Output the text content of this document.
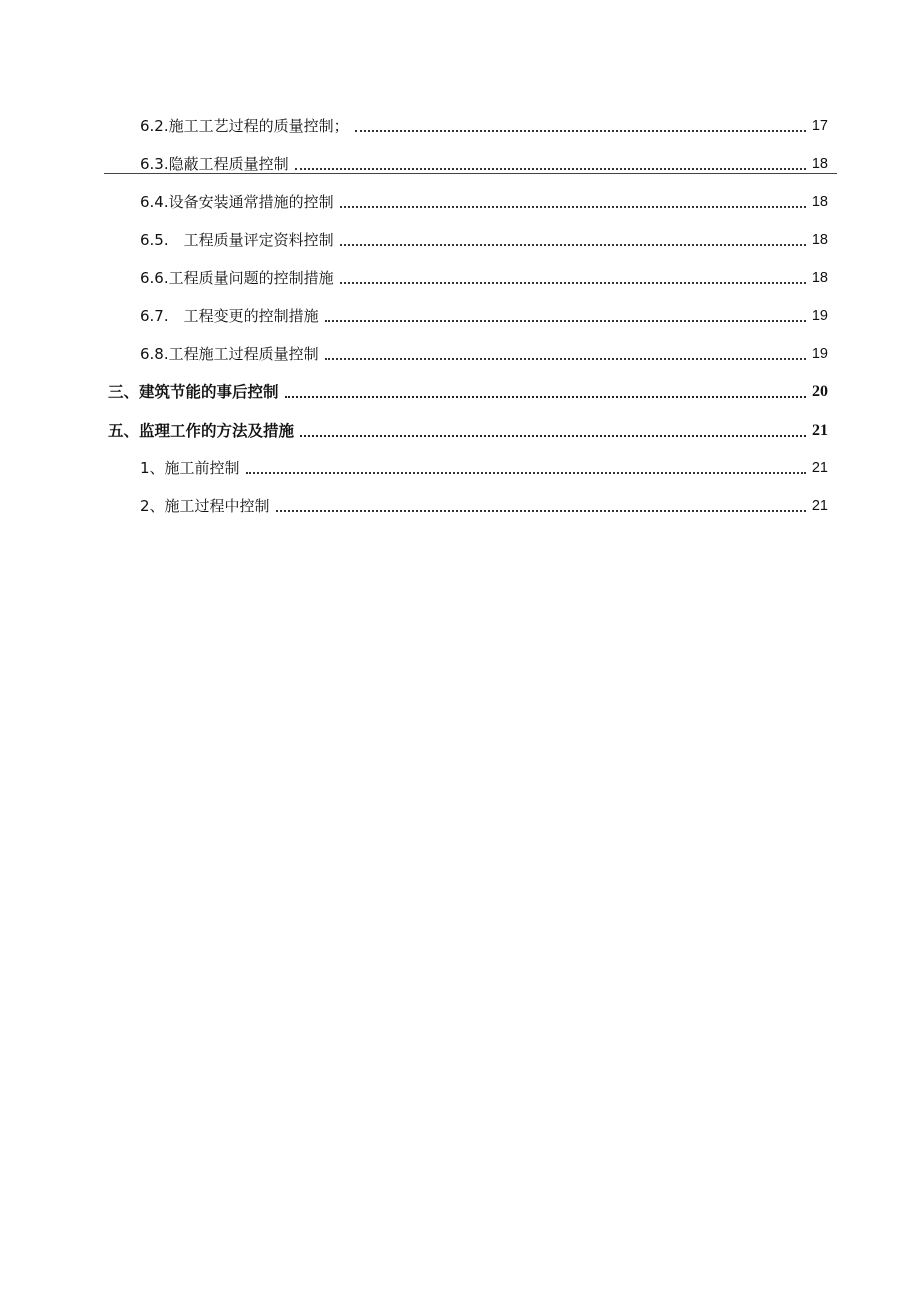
6.2.施工工艺过程的质量控制；	17
6.3.隐蔽工程质量控制	18
6.4.设备安装通常措施的控制	18
6.5.　工程质量评定资料控制	18
6.6.工程质量问题的控制措施	18
6.7.　工程变更的控制措施	19
6.8.工程施工过程质量控制	19
三、建筑节能的事后控制	20
五、监理工作的方法及措施	21
1、施工前控制	21
2、施工过程中控制	21
